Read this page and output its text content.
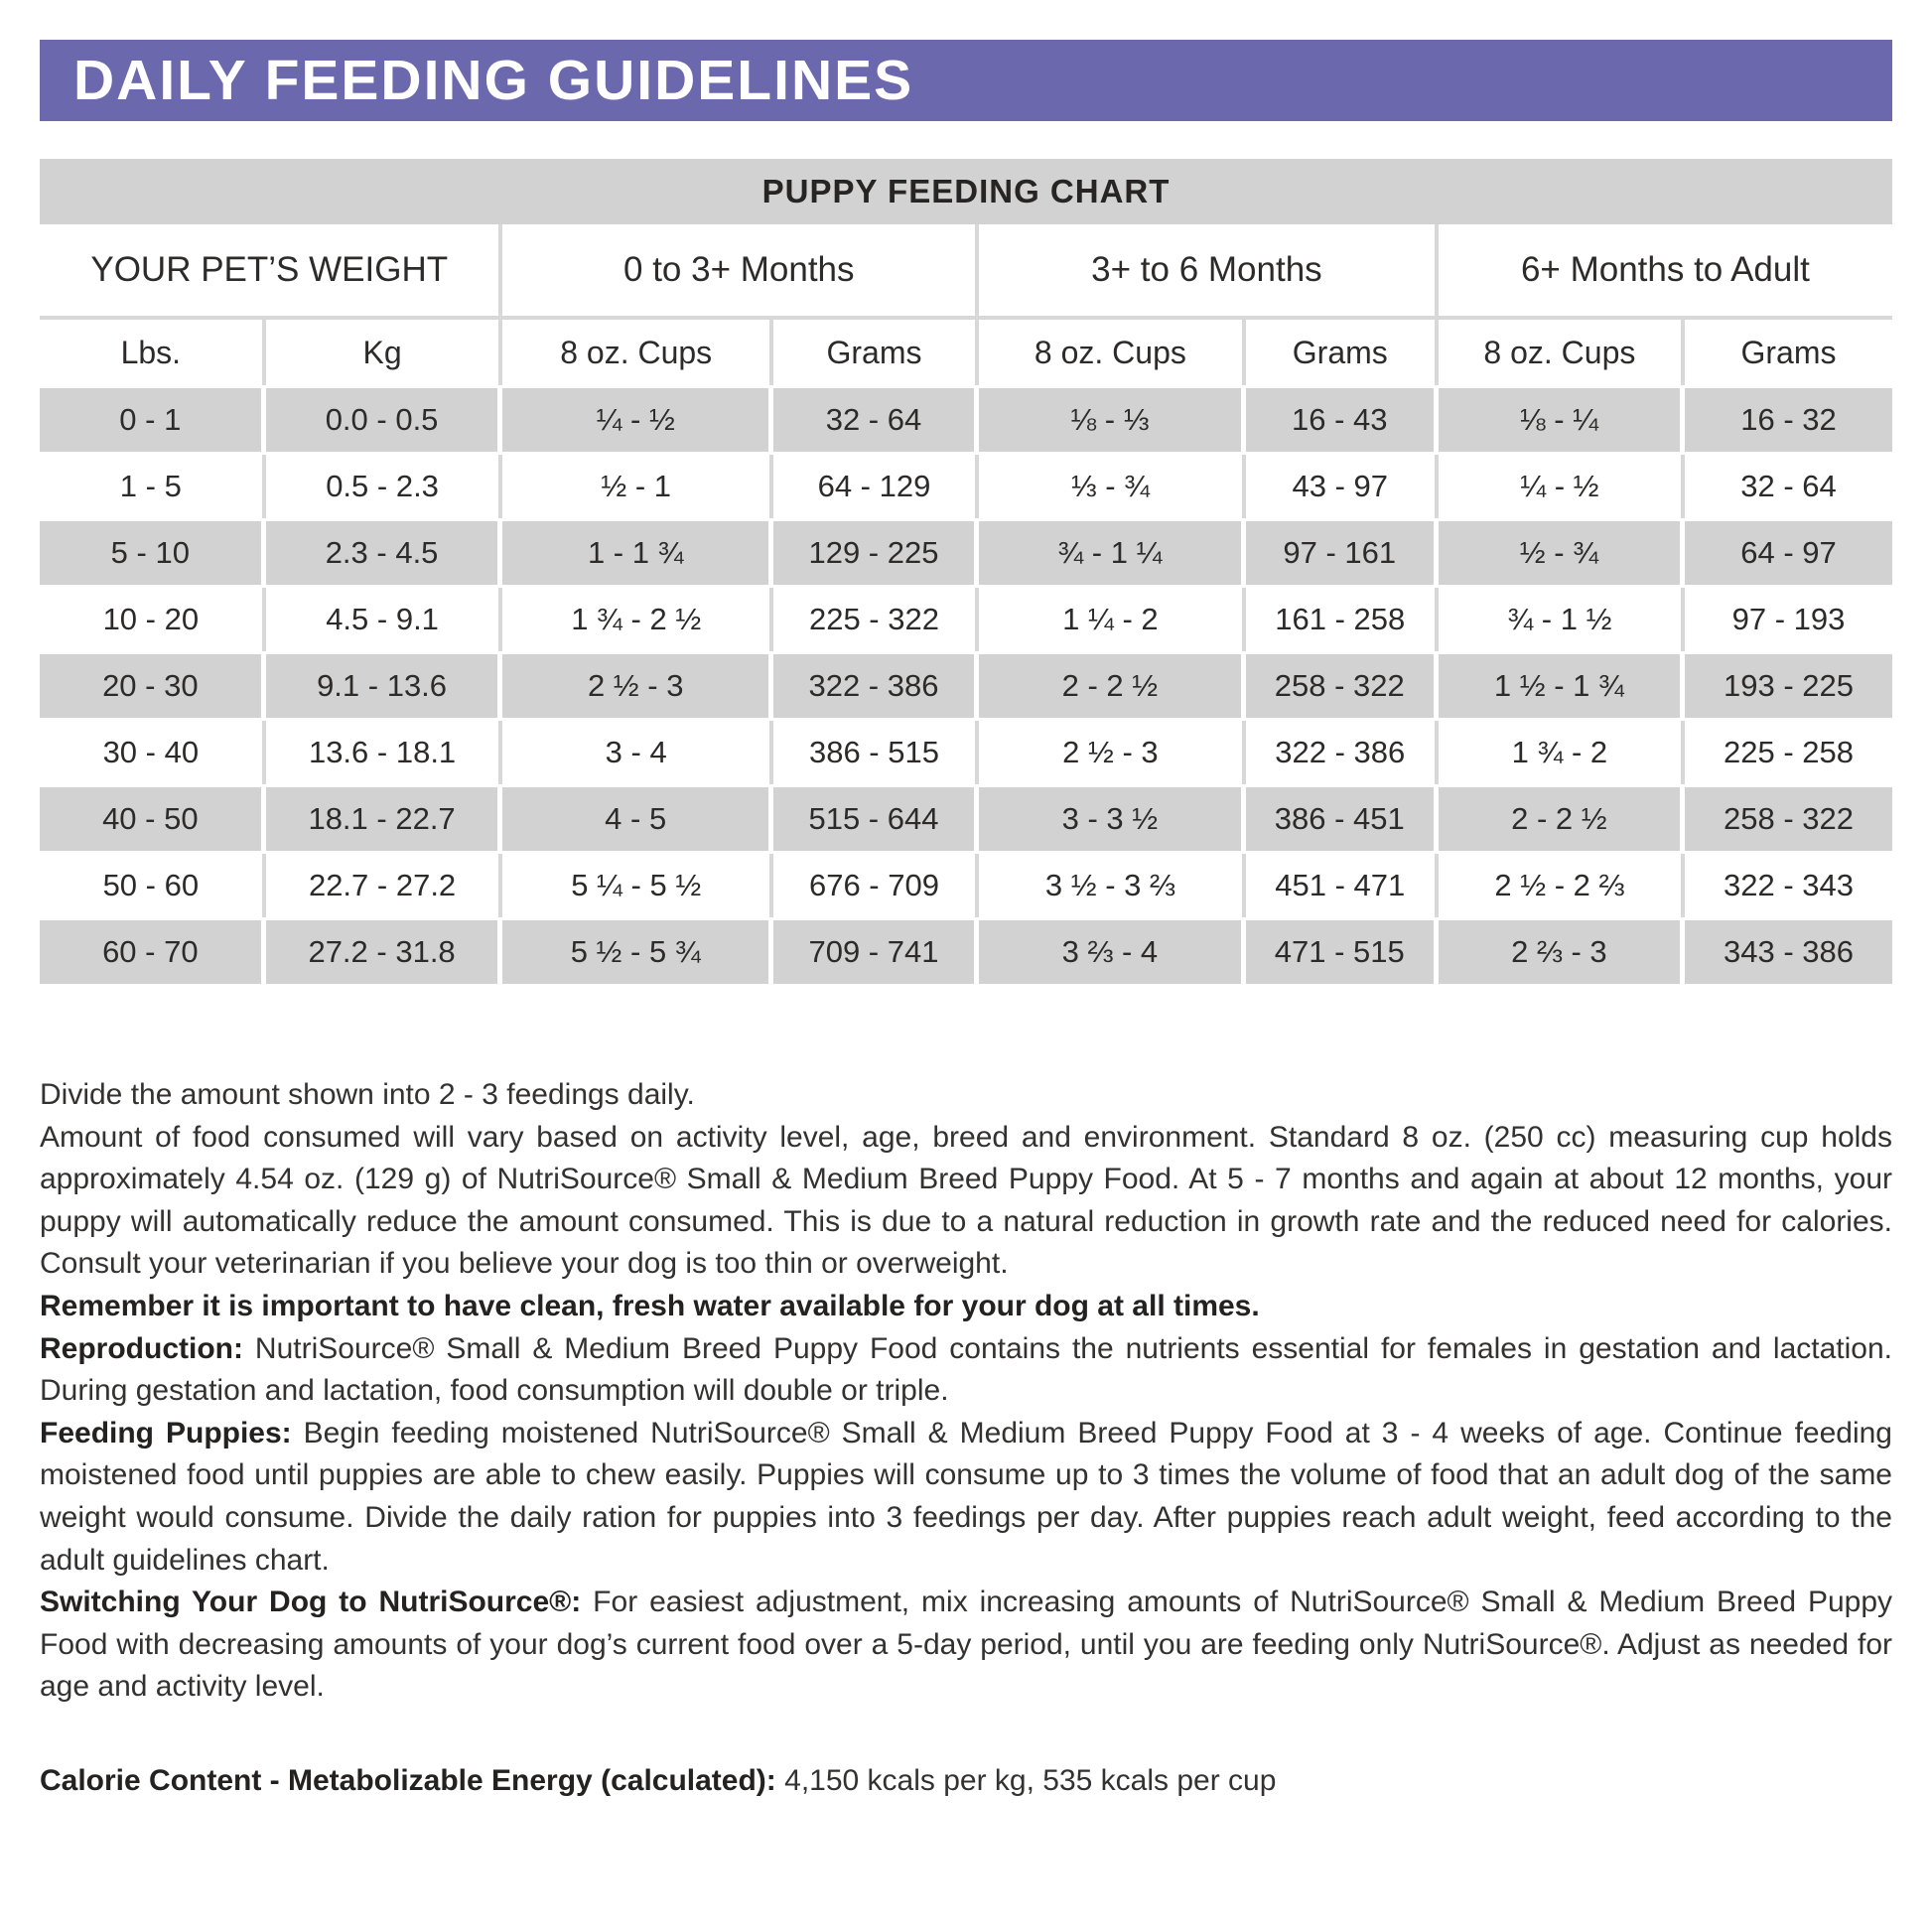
DAILY FEEDING GUIDELINES
PUPPY FEEDING CHART
YOUR PET’S WEIGHT		0 to 3+ Months		3+ to 6 Months		6+ Months to Adult	
Lbs.	Kg	8 oz. Cups	Grams	8 oz. Cups	Grams	8 oz. Cups	Grams
0 - 1	0.0 - 0.5	¼ - ½	32 - 64	⅛ - ⅓	16 - 43	⅛ - ¼	16 - 32
1 - 5	0.5 - 2.3	½ - 1	64 - 129	⅓ - ¾	43 - 97	¼ - ½	32 - 64
5 - 10	2.3 - 4.5	1 - 1 ¾	129 - 225	¾ - 1 ¼	97 - 161	½ - ¾	64 - 97
10 - 20	4.5 - 9.1	1 ¾ - 2 ½	225 - 322	1 ¼ - 2	161 - 258	¾ - 1 ½	97 - 193
20 - 30	9.1 - 13.6	2 ½ - 3	322 - 386	2 - 2 ½	258 - 322	1 ½ - 1 ¾	193 - 225
30 - 40	13.6 - 18.1	3 - 4	386 - 515	2 ½ - 3	322 - 386	1 ¾ - 2	225 - 258
40 - 50	18.1 - 22.7	4 - 5	515 - 644	3 - 3 ½	386 - 451	2 - 2 ½	258 - 322
50 - 60	22.7 - 27.2	5 ¼ - 5 ½	676 - 709	3 ½ - 3 ⅔	451 - 471	2 ½ - 2 ⅔	322 - 343
60 - 70	27.2 - 31.8	5 ½ - 5 ¾	709 - 741	3 ⅔ - 4	471 - 515	2 ⅔ - 3	343 - 386

Divide the amount shown into 2 - 3 feedings daily.

Amount of food consumed will vary based on activity level, age, breed and environment. Standard 8 oz. (250 cc) measuring cup holds approximately 4.54 oz. (129 g) of NutriSource® Small & Medium Breed Puppy Food. At 5 - 7 months and again at about 12 months, your puppy will automatically reduce the amount consumed. This is due to a natural reduction in growth rate and the reduced need for calories. Consult your veterinarian if you believe your dog is too thin or overweight.

Remember it is important to have clean, fresh water available for your dog at all times.

Reproduction: NutriSource® Small & Medium Breed Puppy Food contains the nutrients essential for females in gestation and lactation. During gestation and lactation, food consumption will double or triple.

Feeding Puppies: Begin feeding moistened NutriSource® Small & Medium Breed Puppy Food at 3 - 4 weeks of age. Continue feeding moistened food until puppies are able to chew easily. Puppies will consume up to 3 times the volume of food that an adult dog of the same weight would consume. Divide the daily ration for puppies into 3 feedings per day. After puppies reach adult weight, feed according to the adult guidelines chart.

Switching Your Dog to NutriSource®: For easiest adjustment, mix increasing amounts of NutriSource® Small & Medium Breed Puppy Food with decreasing amounts of your dog’s current food over a 5-day period, until you are feeding only NutriSource®. Adjust as needed for age and activity level.

Calorie Content - Metabolizable Energy (calculated): 4,150 kcals per kg, 535 kcals per cup
